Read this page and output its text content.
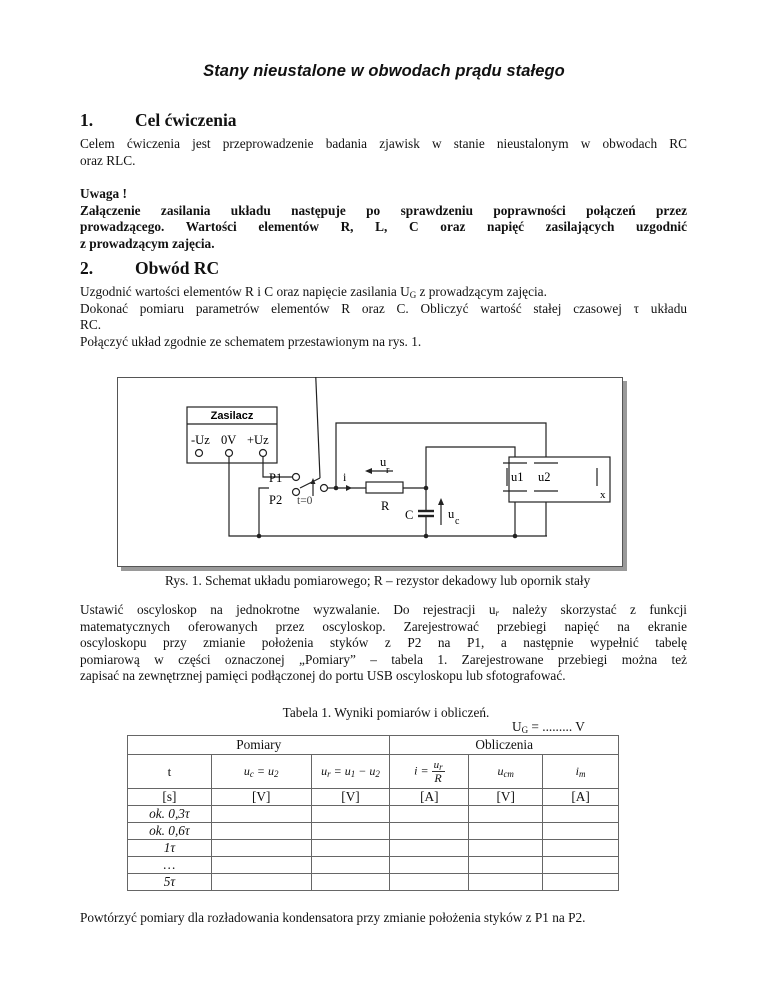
Stany nieustalone w obwodach prądu stałego
1. Cel ćwiczenia
Celem ćwiczenia jest przeprowadzenie badania zjawisk w stanie nieustalonym w obwodach RC
oraz RLC.
Uwaga !
Załączenie zasilania układu następuje po sprawdzeniu poprawności połączeń przez
prowadzącego. Wartości elementów R, L, C oraz napięć zasilających uzgodnić
z prowadzącym zajęcia.
2. Obwód RC
Uzgodnić wartości elementów R i C oraz napięcie zasilania $U_G$ z prowadzącym zajęcia.
Dokonać pomiaru parametrów elementów R oraz C. Obliczyć wartość stałej czasowej τ układu
RC.
Połączyć układ zgodnie ze schematem przestawionym na rys. 1.
Zasilacz
-Uz 0V +Uz
P1
P2 t=0
i
R
u
r
C	u
c
u1 u2
x
Rys. 1. Schemat układu pomiarowego; R – rezystor dekadowy lub opornik stały
Ustawić oscyloskop na jednokrotne wyzwalanie. Do rejestracji $u_r$ należy skorzystać z funkcji
matematycznych oferowanych przez oscyloskop. Zarejestrować przebiegi napięć na ekranie
oscyloskopu przy zmianie położenia styków z P2 na P1, a następnie wypełnić tabelę
pomiarową w części oznaczonej „Pomiary” – tabela 1. Zarejestrowane przebiegi można też
zapisać na zewnętrznej pamięci podłączonej do portu USB oscyloskopu lub sfotografować.
Tabela 1. Wyniki pomiarów i obliczeń.
$U_G$ = ......... V
Pomiary			Obliczenia		
t	$u_c = u_2$	$u_r = u_1 - u_2$	$i = \frac{u_r}{R}$	$u_{cm}$	$i_m$
[s]	[V]	[V]	[A]	[V]	[A]
ok. 0,3τ					
ok. 0,6τ					
1τ					
…					
5τ					
Powtórzyć pomiary dla rozładowania kondensatora przy zmianie położenia styków z P1 na P2.
